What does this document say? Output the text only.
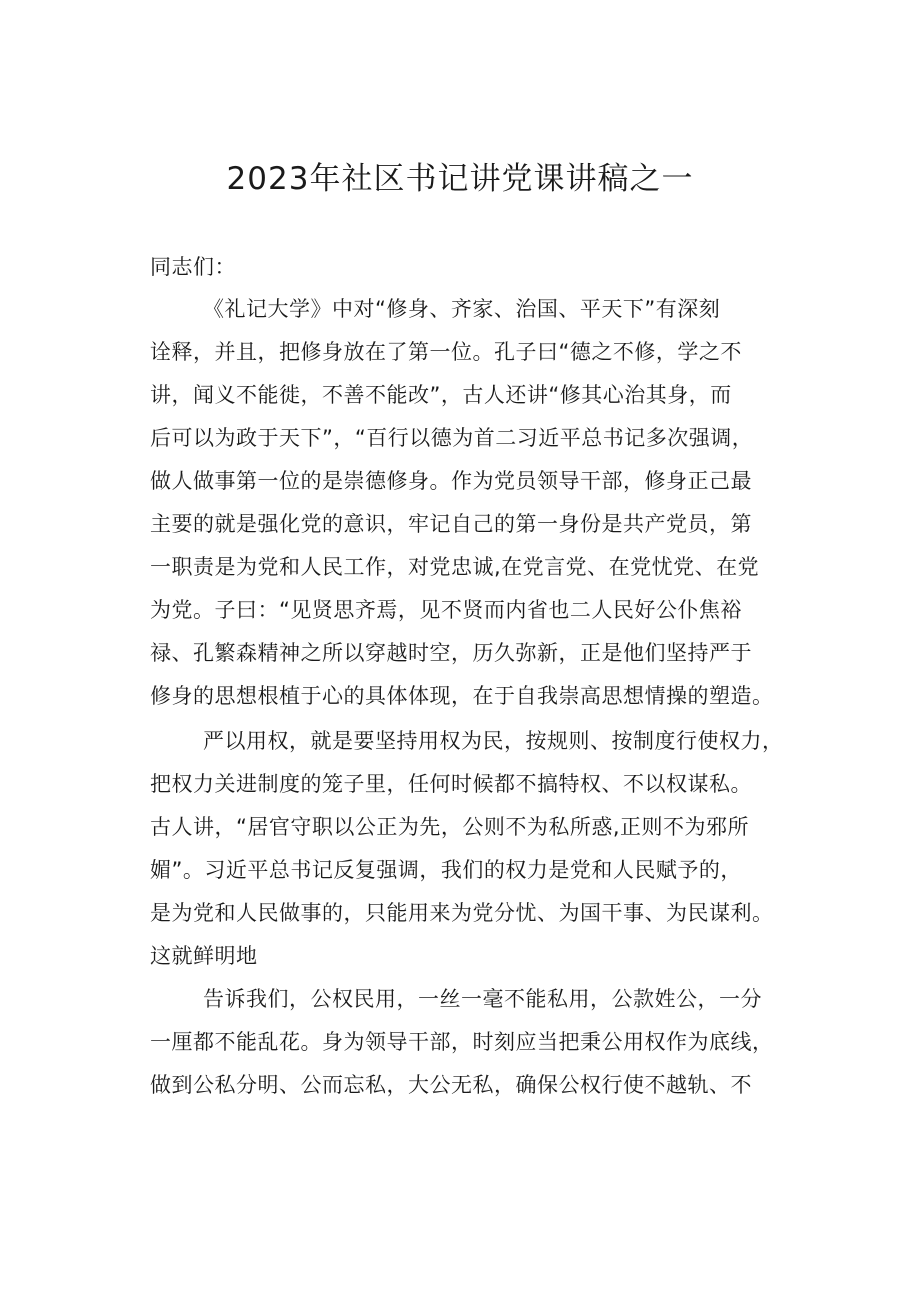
2023年社区书记讲党课讲稿之一
同志们：
《礼记大学》中对“修身、齐家、治国、平天下”有深刻
诠释，并且，把修身放在了第一位。孔子曰“德之不修，学之不
讲，闻义不能徙，不善不能改”，古人还讲“修其心治其身，而
后可以为政于天下”，“百行以德为首二习近平总书记多次强调，
做人做事第一位的是崇德修身。作为党员领导干部，修身正己最
主要的就是强化党的意识，牢记自己的第一身份是共产党员，第
一职责是为党和人民工作，对党忠诚,在党言党、在党忧党、在党
为党。子曰：“见贤思齐焉，见不贤而内省也二人民好公仆焦裕
禄、孔繁森精神之所以穿越时空，历久弥新，正是他们坚持严于
修身的思想根植于心的具体体现，在于自我崇高思想情操的塑造。
严以用权，就是要坚持用权为民，按规则、按制度行使权力，
把权力关进制度的笼子里，任何时候都不搞特权、不以权谋私。
古人讲，“居官守职以公正为先，公则不为私所惑,正则不为邪所
媚”。习近平总书记反复强调，我们的权力是党和人民赋予的，
是为党和人民做事的，只能用来为党分忧、为国干事、为民谋利。
这就鲜明地
告诉我们，公权民用，一丝一毫不能私用，公款姓公，一分
一厘都不能乱花。身为领导干部，时刻应当把秉公用权作为底线，
做到公私分明、公而忘私，大公无私，确保公权行使不越轨、不
